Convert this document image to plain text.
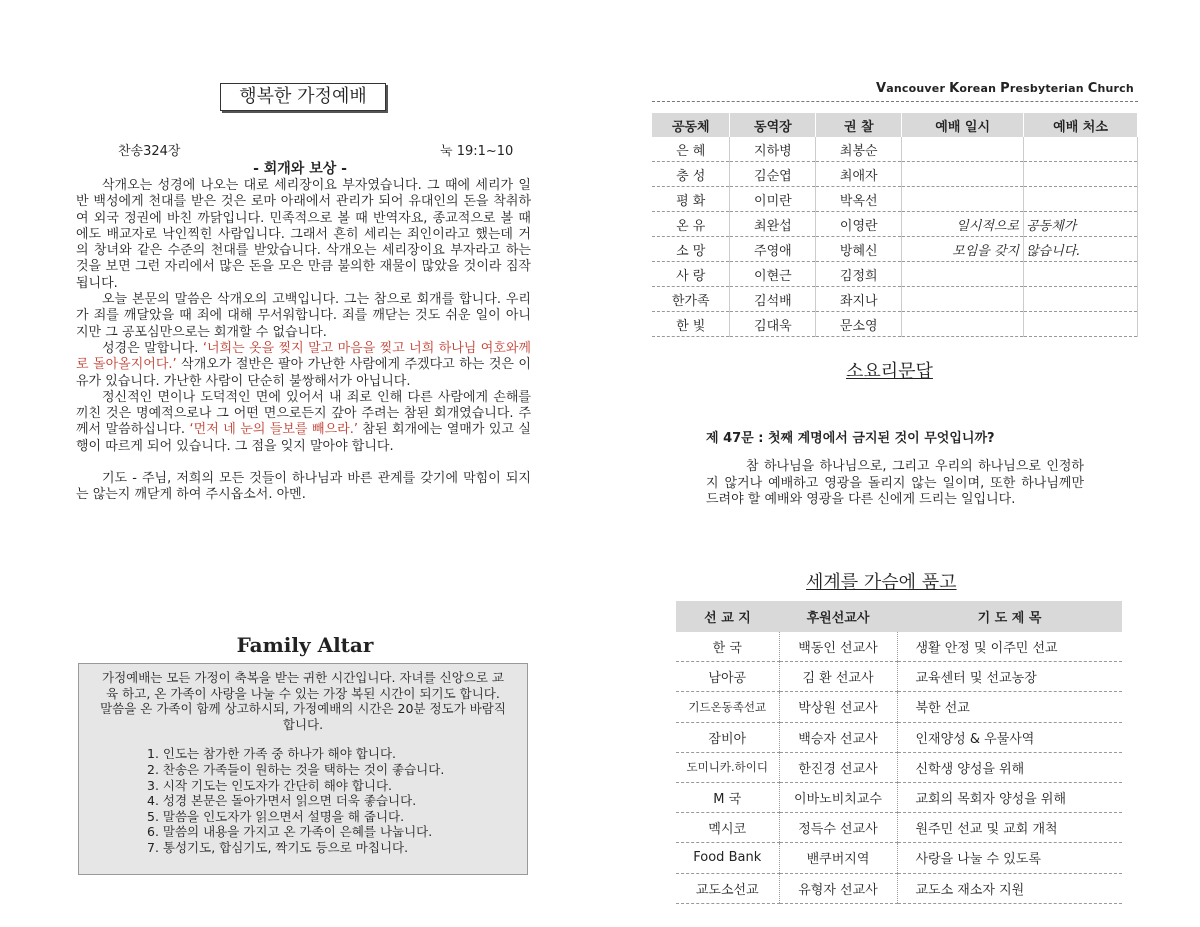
행복한 가정예배
찬송324장	눅 19:1~10
- 회개와 보상 -

삭개오는 성경에 나오는 대로 세리장이요 부자였습니다. 그 때에 세리가 일반 백성에게 천대를 받은 것은 로마 아래에서 관리가 되어 유대인의 돈을 착취하여 외국 정권에 바친 까닭입니다. 민족적으로 볼 때 반역자요, 종교적으로 볼 때에도 배교자로 낙인찍힌 사람입니다. 그래서 흔히 세리는 죄인이라고 했는데 거의 창녀와 같은 수준의 천대를 받았습니다. 삭개오는 세리장이요 부자라고 하는 것을 보면 그런 자리에서 많은 돈을 모은 만큼 불의한 재물이 많았을 것이라 짐작됩니다.

오늘 본문의 말씀은 삭개오의 고백입니다. 그는 참으로 회개를 합니다. 우리가 죄를 깨달았을 때 죄에 대해 무서워합니다. 죄를 깨닫는 것도 쉬운 일이 아니지만 그 공포심만으로는 회개할 수 없습니다.

성경은 말합니다. ‘너희는 옷을 찢지 말고 마음을 찢고 너희 하나님 여호와께로 돌아올지어다.’ 삭개오가 절반은 팔아 가난한 사람에게 주겠다고 하는 것은 이유가 있습니다. 가난한 사람이 단순히 불쌍해서가 아닙니다.

정신적인 면이나 도덕적인 면에 있어서 내 죄로 인해 다른 사람에게 손해를 끼친 것은 명예적으로나 그 어떤 면으로든지 갚아 주려는 참된 회개였습니다. 주께서 말씀하십니다. ‘먼저 네 눈의 들보를 빼으라.’ 참된 회개에는 열매가 있고 실행이 따르게 되어 있습니다. 그 점을 잊지 말아야 합니다.

기도 - 주님, 저희의 모든 것들이 하나님과 바른 관계를 갖기에 막힘이 되지는 않는지 깨닫게 하여 주시옵소서. 아멘.

Family Altar

가정예배는 모든 가정이 축복을 받는 귀한 시간입니다. 자녀를 신앙으로 교육 하고, 온 가족이 사랑을 나눌 수 있는 가장 복된 시간이 되기도 합니다. 말씀을 온 가족이 함께 상고하시되, 가정예배의 시간은 20분 정도가 바람직합니다.

1. 인도는 참가한 가족 중 하나가 해야 합니다.
2. 찬송은 가족들이 원하는 것을 택하는 것이 좋습니다.
3. 시작 기도는 인도자가 간단히 해야 합니다.
4. 성경 본문은 돌아가면서 읽으면 더욱 좋습니다.
5. 말씀을 인도자가 읽으면서 설명을 해 줍니다.
6. 말씀의 내용을 가지고 온 가족이 은혜를 나눕니다.
7. 통성기도, 합심기도, 짝기도 등으로 마칩니다.
Vancouver Korean Presbyterian Church
공동체	동역장	권 찰	예배 일시	예배 처소
은 혜	지하병	최봉순		
충 성	김순엽	최애자		
평 화	이미란	박옥선		
온 유	최완섭	이영란	일시적으로	공동체가
소 망	주영애	방혜신	모임을 갖지	않습니다.
사 랑	이현근	김정희		
한가족	김석배	좌지나		
한 빛	김대욱	문소영		
소요리문답
제 47문 : 첫째 계명에서 금지된 것이 무엇입니까?

참 하나님을 하나님으로, 그리고 우리의 하나님으로 인정하지 않거나 예배하고 영광을 돌리지 않는 일이며, 또한 하나님께만 드려야 할 예배와 영광을 다른 신에게 드리는 일입니다.

세계를 가슴에 품고
선 교 지	후원선교사	기 도 제 목
한 국	백동인 선교사	생활 안정 및 이주민 선교
남아공	김 환 선교사	교육센터 및 선교농장
기드온동족선교	박상원 선교사	북한 선교
잠비아	백승자 선교사	인재양성 & 우물사역
도미니카.하이디	한진경 선교사	신학생 양성을 위해
M 국	이바노비치교수	교회의 목회자 양성을 위해
멕시코	정득수 선교사	원주민 선교 및 교회 개척
Food Bank	밴쿠버지역	사랑을 나눌 수 있도록
교도소선교	유형자 선교사	교도소 재소자 지원
